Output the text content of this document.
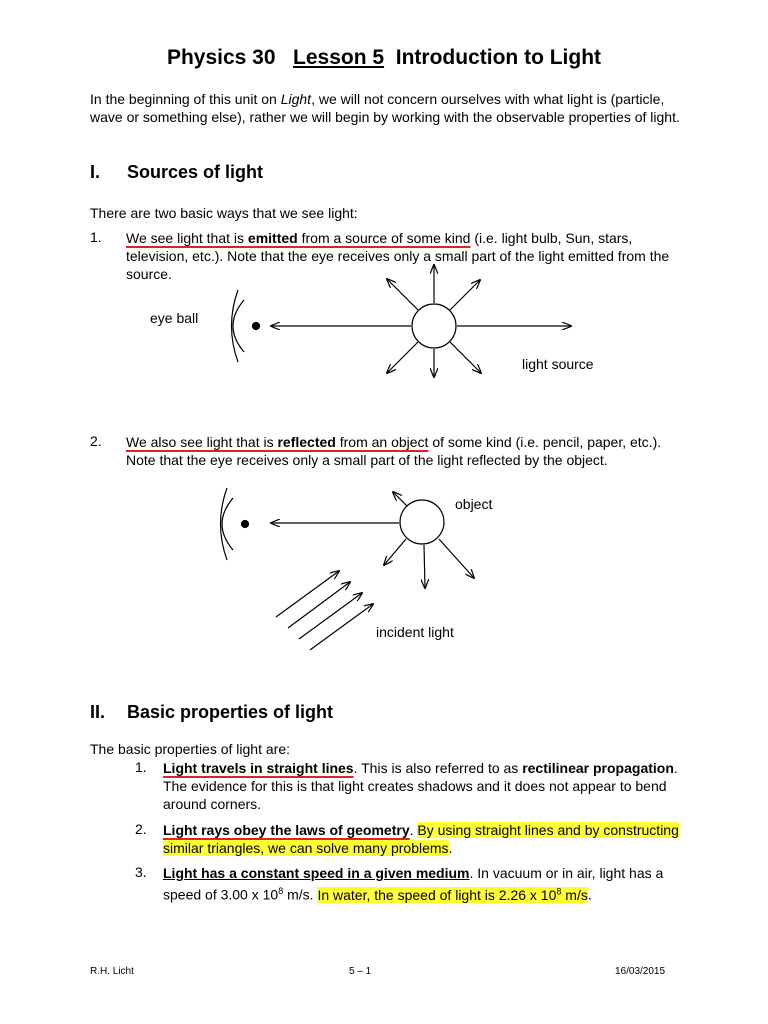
Physics 30   Lesson 5  Introduction to Light
In the beginning of this unit on Light, we will not concern ourselves with what light is (particle, wave or something else), rather we will begin by working with the observable properties of light.
I. Sources of light
There are two basic ways that we see light:
1. We see light that is emitted from a source of some kind (i.e. light bulb, Sun, stars, television, etc.). Note that the eye receives only a small part of the light emitted from the source.
eye ball
light source
2. We also see light that is reflected from an object of some kind (i.e. pencil, paper, etc.). Note that the eye receives only a small part of the light reflected by the object.
object
incident light
II. Basic properties of light
The basic properties of light are:
1. Light travels in straight lines. This is also referred to as rectilinear propagation. The evidence for this is that light creates shadows and it does not appear to bend around corners.
2. Light rays obey the laws of geometry. By using straight lines and by constructing similar triangles, we can solve many problems.
3. Light has a constant speed in a given medium. In vacuum or in air, light has a speed of 3.00 x $10^8$ m/s. In water, the speed of light is 2.26 x $10^8$ m/s.
R.H. Licht	5 – 1	16/03/2015
